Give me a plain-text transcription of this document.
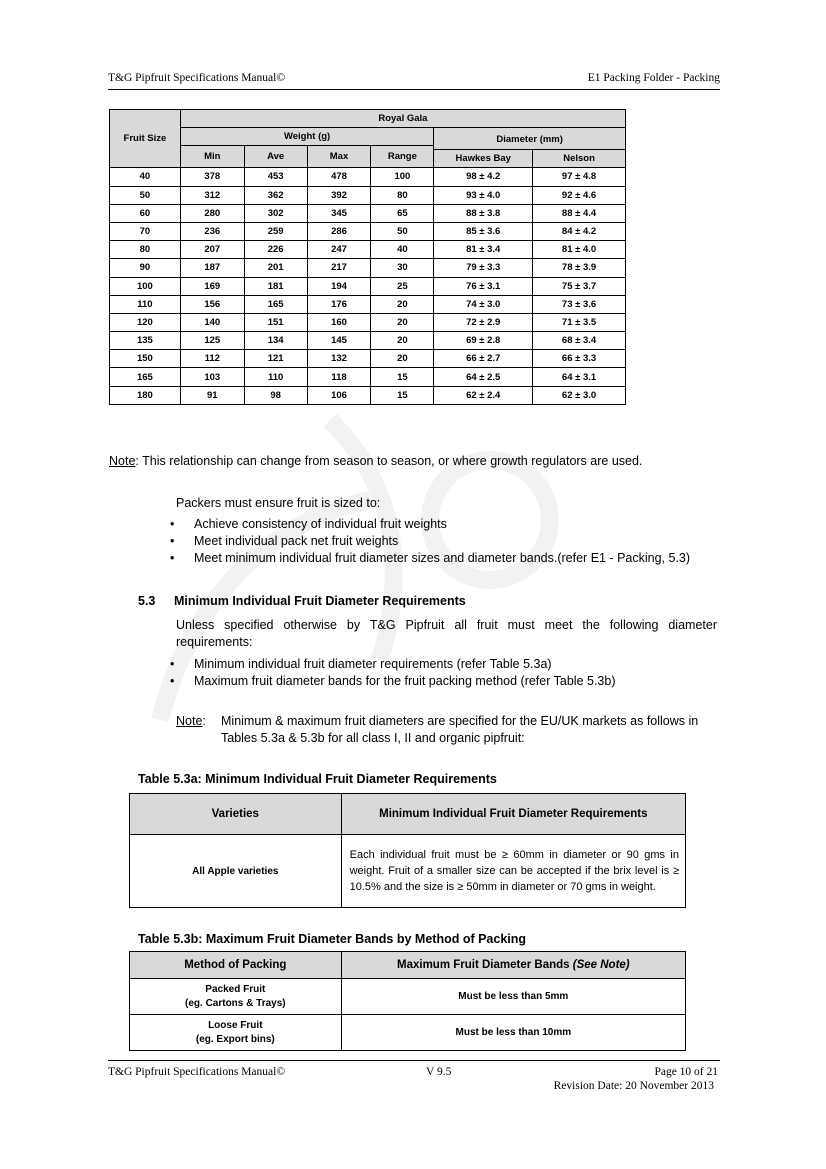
T&G Pipfruit Specifications Manual©	E1 Packing Folder - Packing
Fruit Size	Royal Gala					
	Weight (g)				Diameter (mm)	
	Min	Ave	Max	Range		
					Hawkes Bay	Nelson
40	378	453	478	100	98 ± 4.2	97 ± 4.8
50	312	362	392	80	93 ± 4.0	92 ± 4.6
60	280	302	345	65	88 ± 3.8	88 ± 4.4
70	236	259	286	50	85 ± 3.6	84 ± 4.2
80	207	226	247	40	81 ± 3.4	81 ± 4.0
90	187	201	217	30	79 ± 3.3	78 ± 3.9
100	169	181	194	25	76 ± 3.1	75 ± 3.7
110	156	165	176	20	74 ± 3.0	73 ± 3.6
120	140	151	160	20	72 ± 2.9	71 ± 3.5
135	125	134	145	20	69 ± 2.8	68 ± 3.4
150	112	121	132	20	66 ± 2.7	66 ± 3.3
165	103	110	118	15	64 ± 2.5	64 ± 3.1
180	91	98	106	15	62 ± 2.4	62 ± 3.0
Note: This relationship can change from season to season, or where growth regulators are used.
Packers must ensure fruit is sized to:
• Achieve consistency of individual fruit weights
• Meet individual pack net fruit weights
• Meet minimum individual fruit diameter sizes and diameter bands.(refer E1 - Packing, 5.3)
5.3 Minimum Individual Fruit Diameter Requirements
Unless specified otherwise by T&G Pipfruit all fruit must meet the following diameter requirements:
• Minimum individual fruit diameter requirements (refer Table 5.3a)
• Maximum fruit diameter bands for the fruit packing method (refer Table 5.3b)
Note: Minimum & maximum fruit diameters are specified for the EU/UK markets as follows in Tables 5.3a & 5.3b for all class I, II and organic pipfruit:
Table 5.3a: Minimum Individual Fruit Diameter Requirements
Varieties	Minimum Individual Fruit Diameter Requirements
All Apple varieties	Each individual fruit must be ≥ 60mm in diameter or 90 gms in weight. Fruit of a smaller size can be accepted if the brix level is ≥ 10.5% and the size is ≥ 50mm in diameter or 70 gms in weight.
Table 5.3b: Maximum Fruit Diameter Bands by Method of Packing
Method of Packing	Maximum Fruit Diameter Bands (See Note)

Packed Fruit
(eg. Cartons & Trays)	Must be less than 5mm

Loose Fruit
(eg. Export bins)	Must be less than 10mm
T&G Pipfruit Specifications Manual©	V 9.5	Page 10 of 21
Revision Date: 20 November 2013
